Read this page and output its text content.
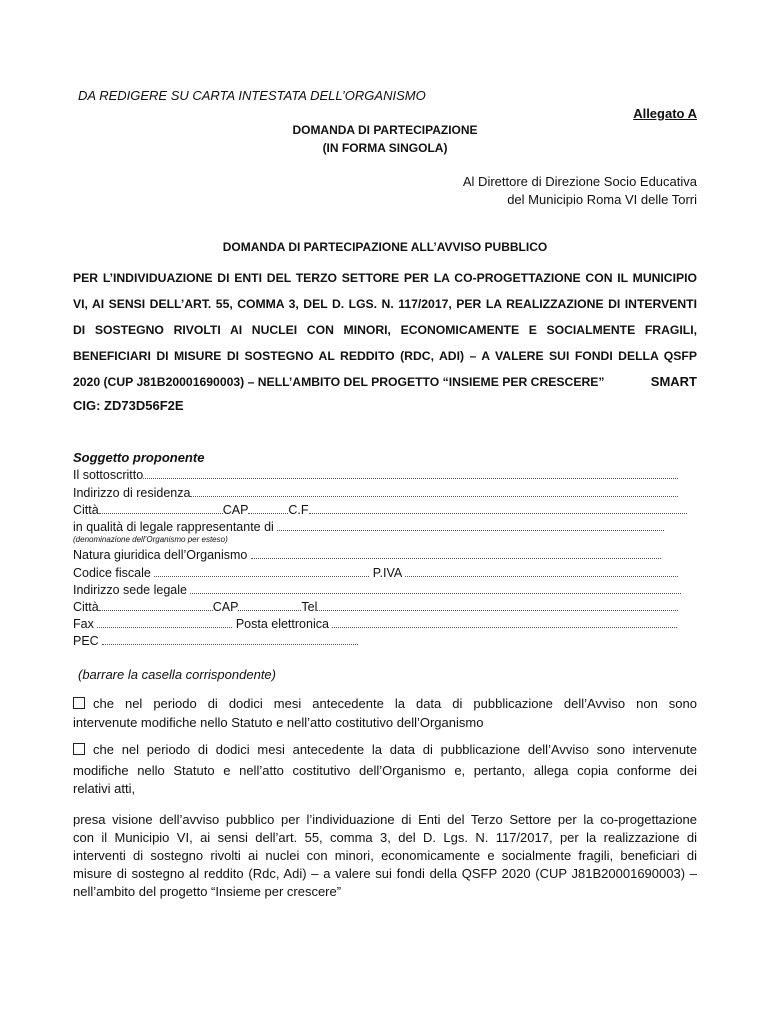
DA REDIGERE SU CARTA INTESTATA DELL’ORGANISMO
Allegato A
DOMANDA DI PARTECIPAZIONE
(IN FORMA SINGOLA)
Al Direttore di Direzione Socio Educativa
del Municipio Roma VI delle Torri
DOMANDA DI PARTECIPAZIONE ALL’AVVISO PUBBLICO
PER L’INDIVIDUAZIONE DI ENTI DEL TERZO SETTORE PER LA CO-PROGETTAZIONE CON IL MUNICIPIO
VI, AI SENSI DELL’ART. 55, COMMA 3, DEL D. LGS. N. 117/2017, PER LA REALIZZAZIONE DI INTERVENTI
DI SOSTEGNO RIVOLTI AI NUCLEI CON MINORI, ECONOMICAMENTE E SOCIALMENTE FRAGILI,
BENEFICIARI DI MISURE DI SOSTEGNO AL REDDITO (RDC, ADI) – A VALERE SUI FONDI DELLA QSFP
2020 (CUP J81B20001690003) – NELL’AMBITO DEL PROGETTO “INSIEME PER CRESCERE”	SMART
CIG: ZD73D56F2E
Soggetto proponente
Il sottoscritto
Indirizzo di residenza
Città	CAP	C.F
in qualità di legale rappresentante di
(denominazione dell’Organismo per esteso)
Natura giuridica dell’Organismo
Codice fiscale	P.IVA
Indirizzo sede legale
Città	CAP	Tel
Fax	Posta elettronica
PEC
(barrare la casella corrispondente)
che nel periodo di dodici mesi antecedente la data di pubblicazione dell’Avviso non sono
intervenute modifiche nello Statuto e nell’atto costitutivo dell’Organismo
che nel periodo di dodici mesi antecedente la data di pubblicazione dell’Avviso sono intervenute
modifiche nello Statuto e nell’atto costitutivo dell’Organismo e, pertanto, allega copia conforme dei
relativi atti,
presa visione dell’avviso pubblico per l’individuazione di Enti del Terzo Settore per la co-progettazione
con il Municipio VI, ai sensi dell’art. 55, comma 3, del D. Lgs. N. 117/2017, per la realizzazione di
interventi di sostegno rivolti ai nuclei con minori, economicamente e socialmente fragili, beneficiari di
misure di sostegno al reddito (Rdc, Adi) – a valere sui fondi della QSFP 2020 (CUP J81B20001690003) –
nell’ambito del progetto “Insieme per crescere”
